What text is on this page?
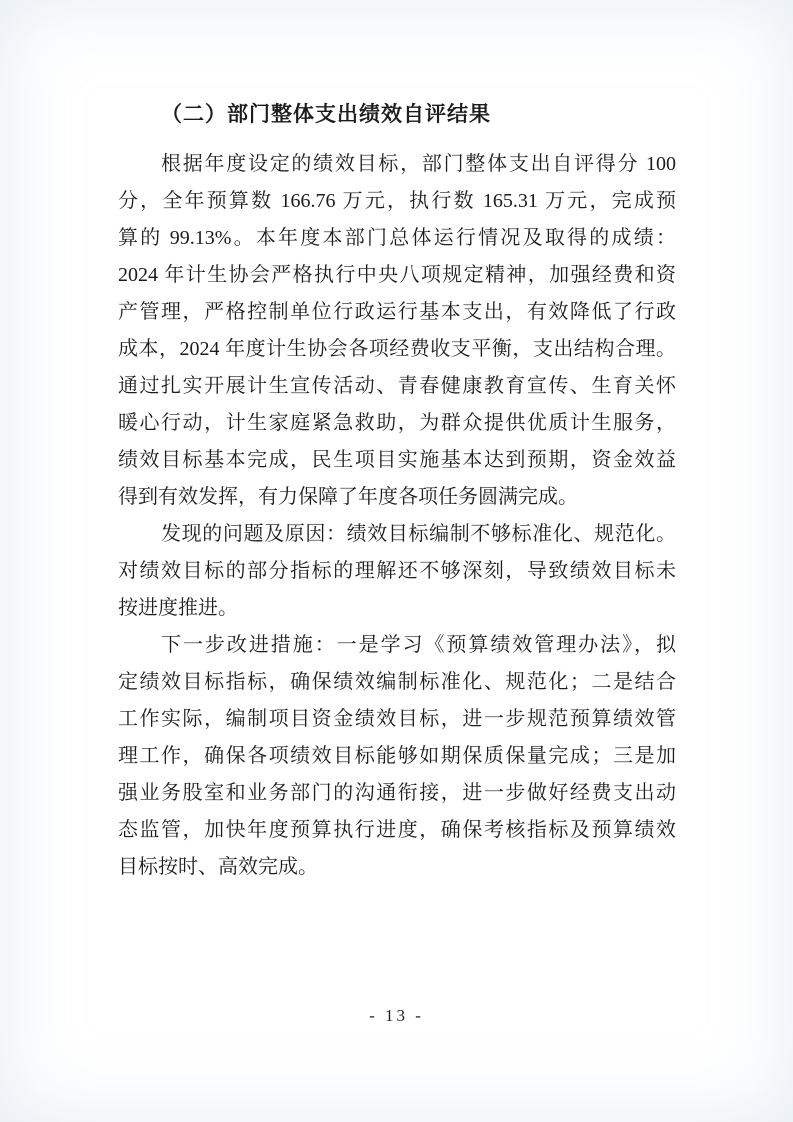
（二）部门整体支出绩效自评结果
根据年度设定的绩效目标，部门整体支出自评得分 100
分，全年预算数 166.76 万元，执行数 165.31 万元，完成预
算的 99.13%。本年度本部门总体运行情况及取得的成绩：
2024 年计生协会严格执行中央八项规定精神，加强经费和资
产管理，严格控制单位行政运行基本支出，有效降低了行政
成本，2024 年度计生协会各项经费收支平衡，支出结构合理。
通过扎实开展计生宣传活动、青春健康教育宣传、生育关怀
暖心行动，计生家庭紧急救助，为群众提供优质计生服务，
绩效目标基本完成，民生项目实施基本达到预期，资金效益
得到有效发挥，有力保障了年度各项任务圆满完成。
发现的问题及原因：绩效目标编制不够标准化、规范化。
对绩效目标的部分指标的理解还不够深刻，导致绩效目标未
按进度推进。
下一步改进措施：一是学习《预算绩效管理办法》，拟
定绩效目标指标，确保绩效编制标准化、规范化；二是结合
工作实际，编制项目资金绩效目标，进一步规范预算绩效管
理工作，确保各项绩效目标能够如期保质保量完成；三是加
强业务股室和业务部门的沟通衔接，进一步做好经费支出动
态监管，加快年度预算执行进度，确保考核指标及预算绩效
目标按时、高效完成。
- 13 -
